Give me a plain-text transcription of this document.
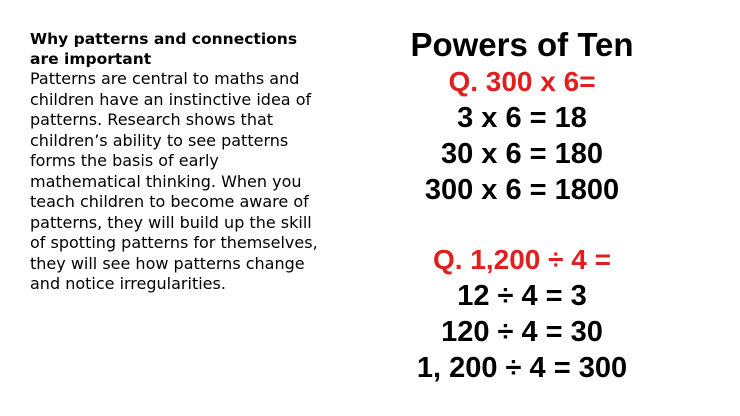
Why patterns and connections are important

Patterns are central to maths and children have an instinctive idea of patterns. Research shows that children’s ability to see patterns forms the basis of early mathematical thinking. When you teach children to become aware of patterns, they will build up the skill of spotting patterns for themselves, they will see how patterns change and notice irregularities.

Powers of Ten

Q. 300 x 6=

3 x 6 = 18

30 x 6 = 180

300 x 6 = 1800

Q. 1,200 ÷ 4 =

12 ÷ 4 = 3

120 ÷ 4 = 30

1, 200 ÷ 4 = 300
